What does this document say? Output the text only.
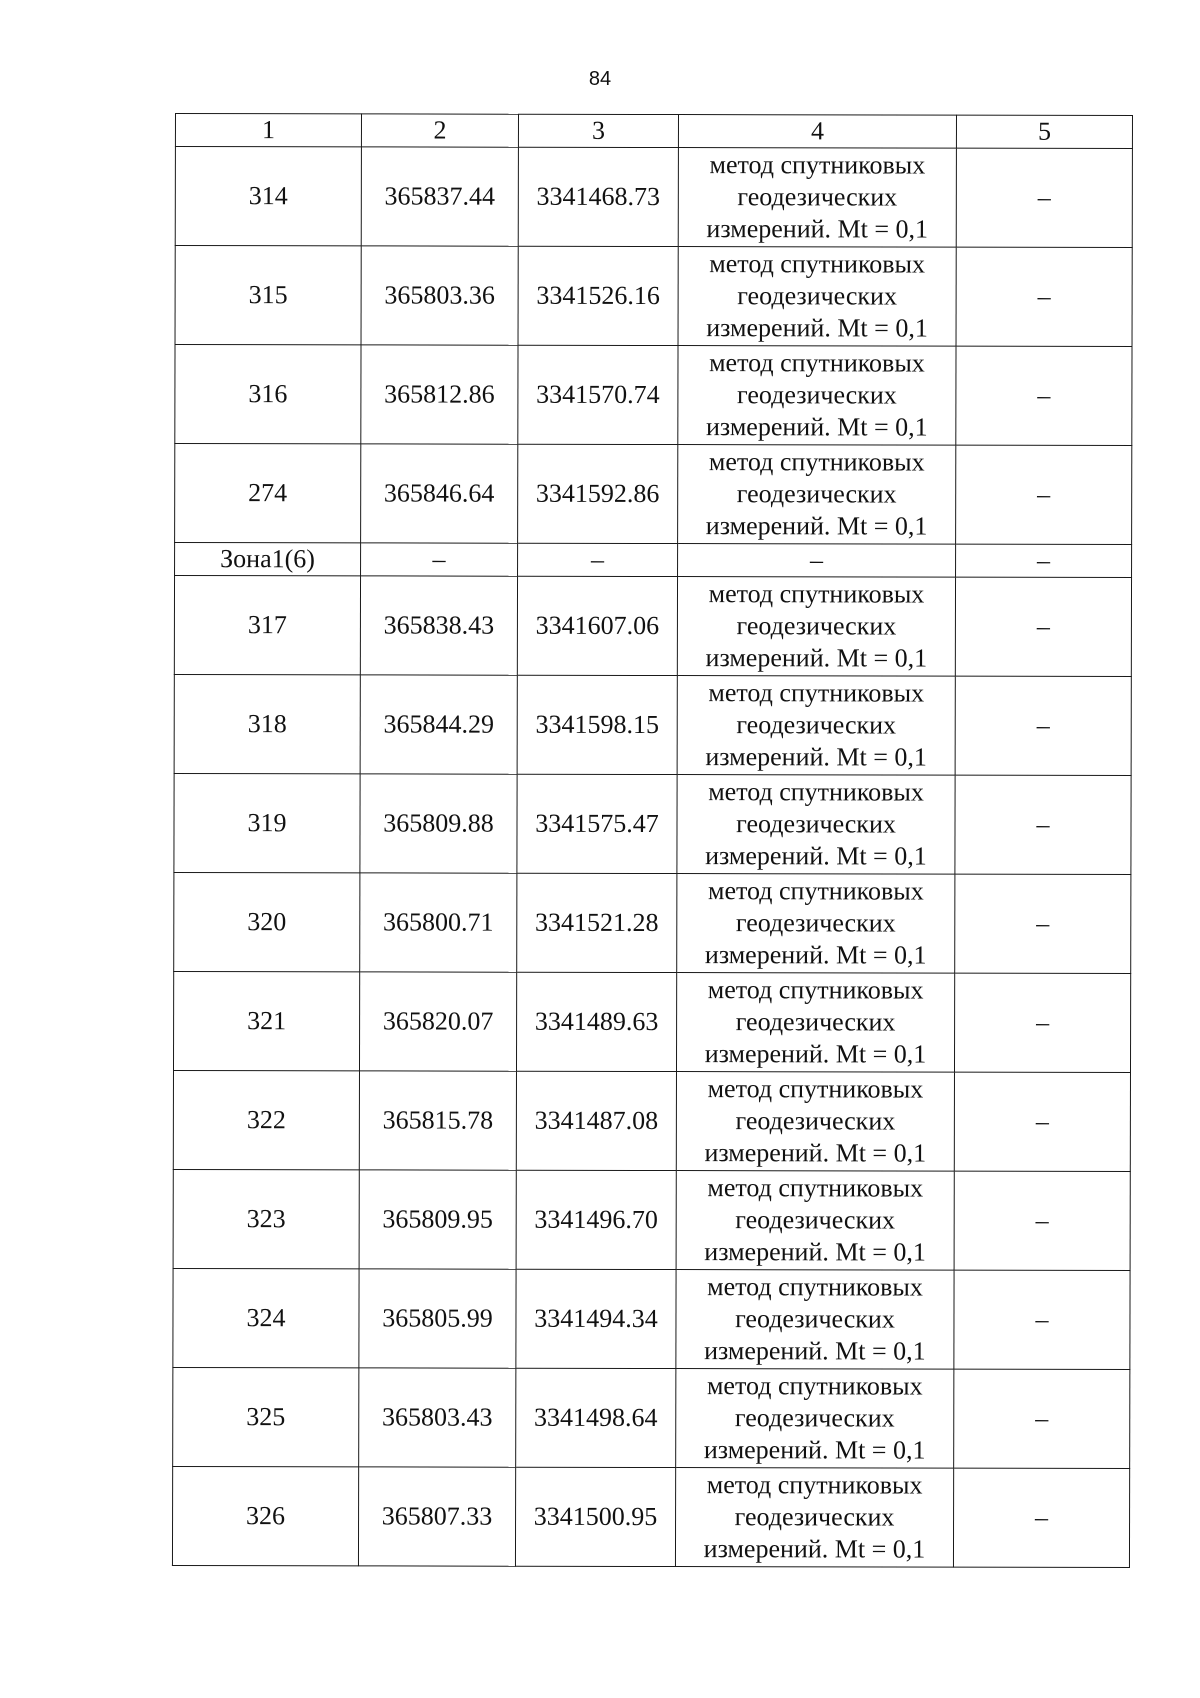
84
1	2	3	4	5
314	365837.44	3341468.73	метод спутниковых геодезических измерений. Mt = 0,1	–
315	365803.36	3341526.16	метод спутниковых геодезических измерений. Mt = 0,1	–
316	365812.86	3341570.74	метод спутниковых геодезических измерений. Mt = 0,1	–
274	365846.64	3341592.86	метод спутниковых геодезических измерений. Mt = 0,1	–
Зона1(6)	–	–	–	–
317	365838.43	3341607.06	метод спутниковых геодезических измерений. Mt = 0,1	–
318	365844.29	3341598.15	метод спутниковых геодезических измерений. Mt = 0,1	–
319	365809.88	3341575.47	метод спутниковых геодезических измерений. Mt = 0,1	–
320	365800.71	3341521.28	метод спутниковых геодезических измерений. Mt = 0,1	–
321	365820.07	3341489.63	метод спутниковых геодезических измерений. Mt = 0,1	–
322	365815.78	3341487.08	метод спутниковых геодезических измерений. Mt = 0,1	–
323	365809.95	3341496.70	метод спутниковых геодезических измерений. Mt = 0,1	–
324	365805.99	3341494.34	метод спутниковых геодезических измерений. Mt = 0,1	–
325	365803.43	3341498.64	метод спутниковых геодезических измерений. Mt = 0,1	–
326	365807.33	3341500.95	метод спутниковых геодезических измерений. Mt = 0,1	–
